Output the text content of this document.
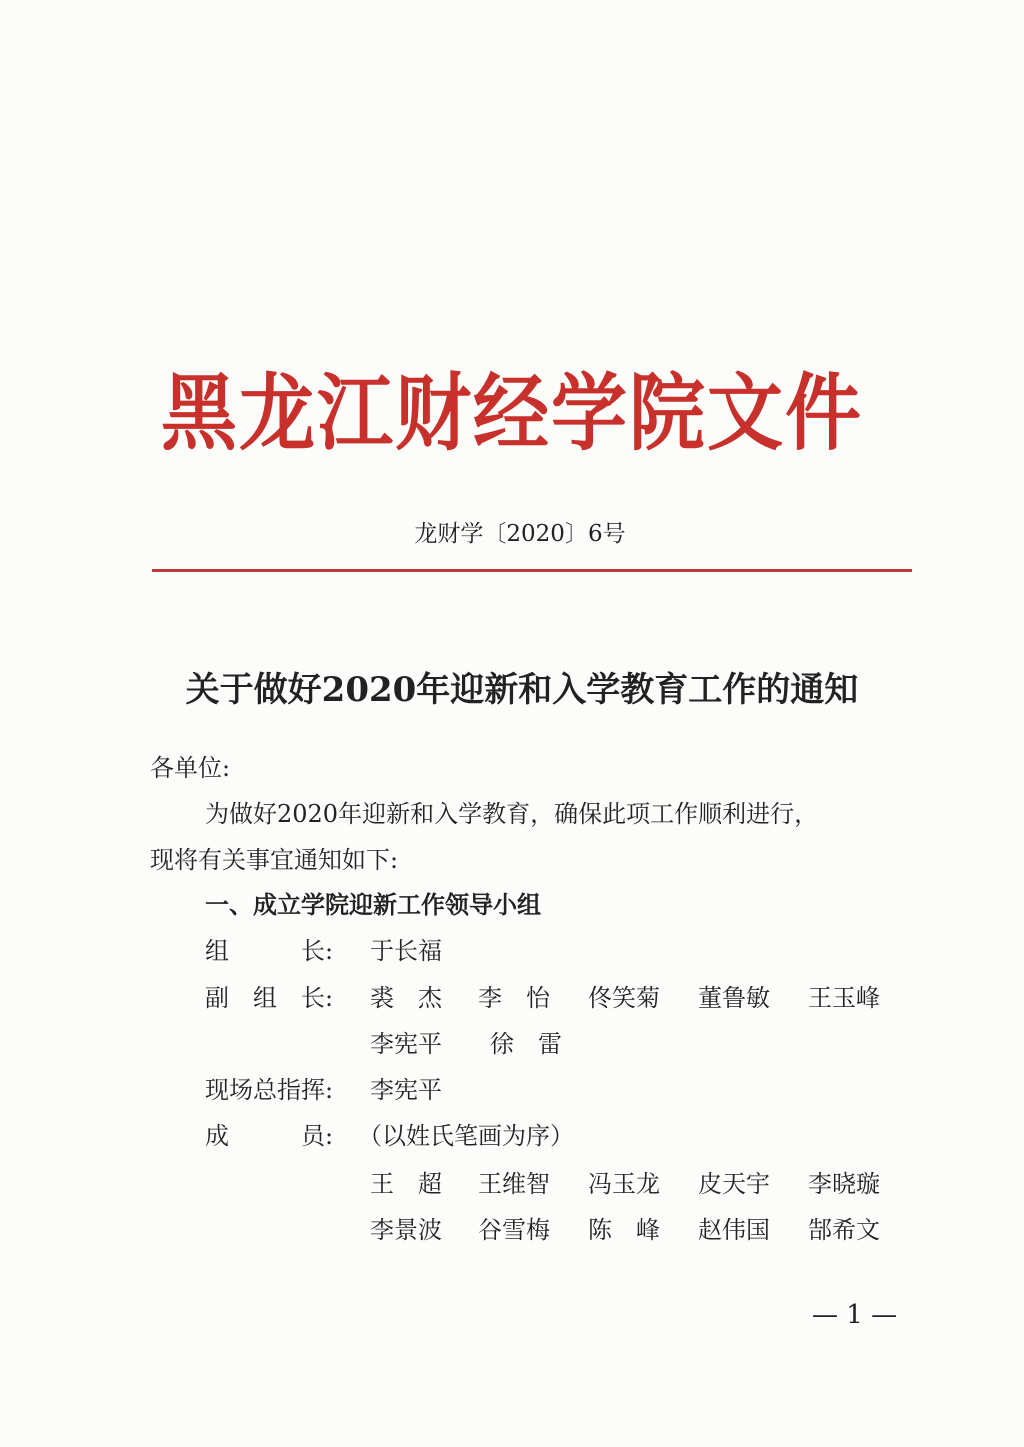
黑龙江财经学院文件
龙财学〔2020〕6号
关于做好2020年迎新和入学教育工作的通知
各单位:
为做好2020年迎新和入学教育，确保此项工作顺利进行，
现将有关事宜通知如下:
一、成立学院迎新工作领导小组
组　　　长: 于长福
副　组　长: 裘　杰 李　怡 佟笑菊 董鲁敏 王玉峰
李宪平 徐　雷
现场总指挥: 李宪平
成　　　员: （以姓氏笔画为序）
王　超 王维智 冯玉龙 皮天宇 李晓璇
李景波 谷雪梅 陈　峰 赵伟国 郜希文
— 1 —
